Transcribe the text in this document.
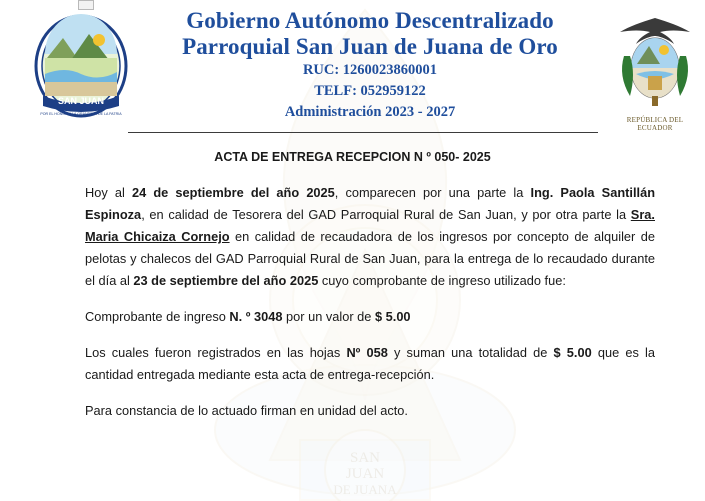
SAN
JUAN
DE JUANA
SAN JUAN
POR EL HONOR Y LA GRANDEZA DE LA PATRIA
REPÚBLICA DEL ECUADOR
Gobierno Autónomo Descentralizado
Parroquial San Juan de Juana de Oro
RUC: 1260023860001
TELF: 052959122
Administración 2023 - 2027
ACTA DE ENTREGA RECEPCION N º 050- 2025

Hoy al 24 de septiembre del año 2025, comparecen por una parte la Ing. Paola Santillán Espinoza, en calidad de Tesorera del GAD Parroquial Rural de San Juan, y por otra parte la Sra. Maria Chicaiza Cornejo en calidad de recaudadora de los ingresos por concepto de alquiler de pelotas y chalecos del GAD Parroquial Rural de San Juan, para la entrega de lo recaudado durante el día al 23 de septiembre del año 2025 cuyo comprobante de ingreso utilizado fue:

Comprobante de ingreso N. º 3048 por un valor de $ 5.00

Los cuales fueron registrados en las hojas Nº 058 y suman una totalidad de $ 5.00 que es la cantidad entregada mediante esta acta de entrega-recepción.

Para constancia de lo actuado firman en unidad del acto.
